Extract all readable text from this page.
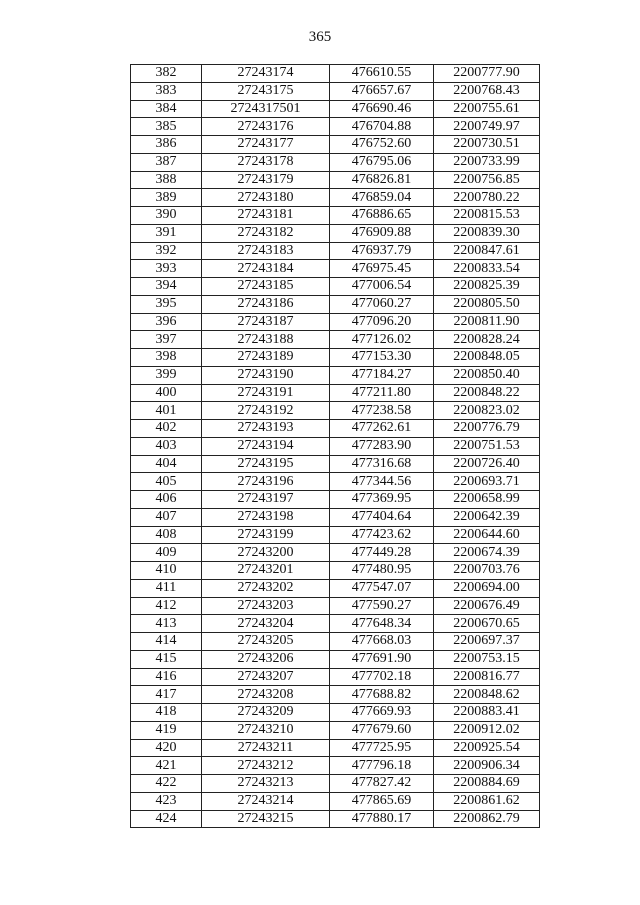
365
382	27243174	476610.55	2200777.90
383	27243175	476657.67	2200768.43
384	2724317501	476690.46	2200755.61
385	27243176	476704.88	2200749.97
386	27243177	476752.60	2200730.51
387	27243178	476795.06	2200733.99
388	27243179	476826.81	2200756.85
389	27243180	476859.04	2200780.22
390	27243181	476886.65	2200815.53
391	27243182	476909.88	2200839.30
392	27243183	476937.79	2200847.61
393	27243184	476975.45	2200833.54
394	27243185	477006.54	2200825.39
395	27243186	477060.27	2200805.50
396	27243187	477096.20	2200811.90
397	27243188	477126.02	2200828.24
398	27243189	477153.30	2200848.05
399	27243190	477184.27	2200850.40
400	27243191	477211.80	2200848.22
401	27243192	477238.58	2200823.02
402	27243193	477262.61	2200776.79
403	27243194	477283.90	2200751.53
404	27243195	477316.68	2200726.40
405	27243196	477344.56	2200693.71
406	27243197	477369.95	2200658.99
407	27243198	477404.64	2200642.39
408	27243199	477423.62	2200644.60
409	27243200	477449.28	2200674.39
410	27243201	477480.95	2200703.76
411	27243202	477547.07	2200694.00
412	27243203	477590.27	2200676.49
413	27243204	477648.34	2200670.65
414	27243205	477668.03	2200697.37
415	27243206	477691.90	2200753.15
416	27243207	477702.18	2200816.77
417	27243208	477688.82	2200848.62
418	27243209	477669.93	2200883.41
419	27243210	477679.60	2200912.02
420	27243211	477725.95	2200925.54
421	27243212	477796.18	2200906.34
422	27243213	477827.42	2200884.69
423	27243214	477865.69	2200861.62
424	27243215	477880.17	2200862.79
